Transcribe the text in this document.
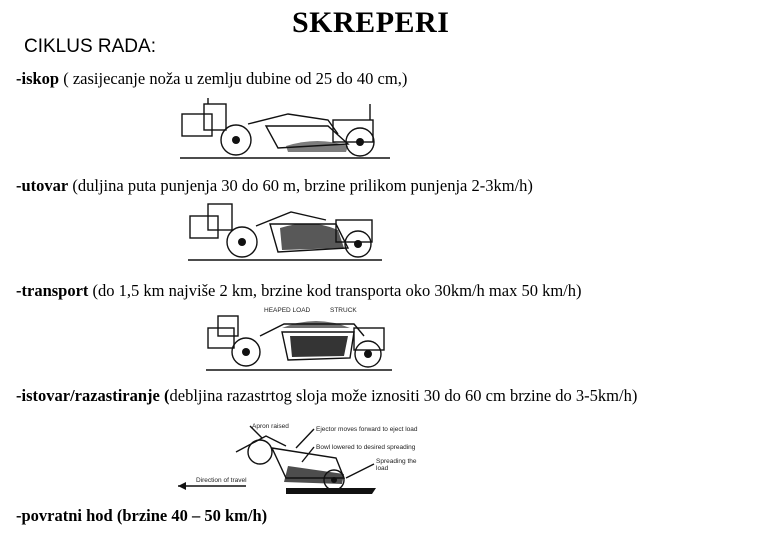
CIKLUS RADA:
SKREPERI
-iskop ( zasijecanje noža u zemlju dubine od 25 do 40 cm,)
-utovar (duljina puta punjenja 30 do 60 m, brzine prilikom punjenja 2-3km/h)
-transport (do 1,5 km najviše 2 km, brzine kod transporta oko 30km/h max 50 km/h)
HEAPED LOAD	STRUCK
-istovar/razastiranje (debljina razastrtog sloja može iznositi 30 do 60 cm brzine do 3-5km/h)
Apron raised	Ejector moves forward to eject load
Bowl lowered to desired spreading
Spreading the
load
Direction of travel
-povratni hod (brzine 40 – 50 km/h)
